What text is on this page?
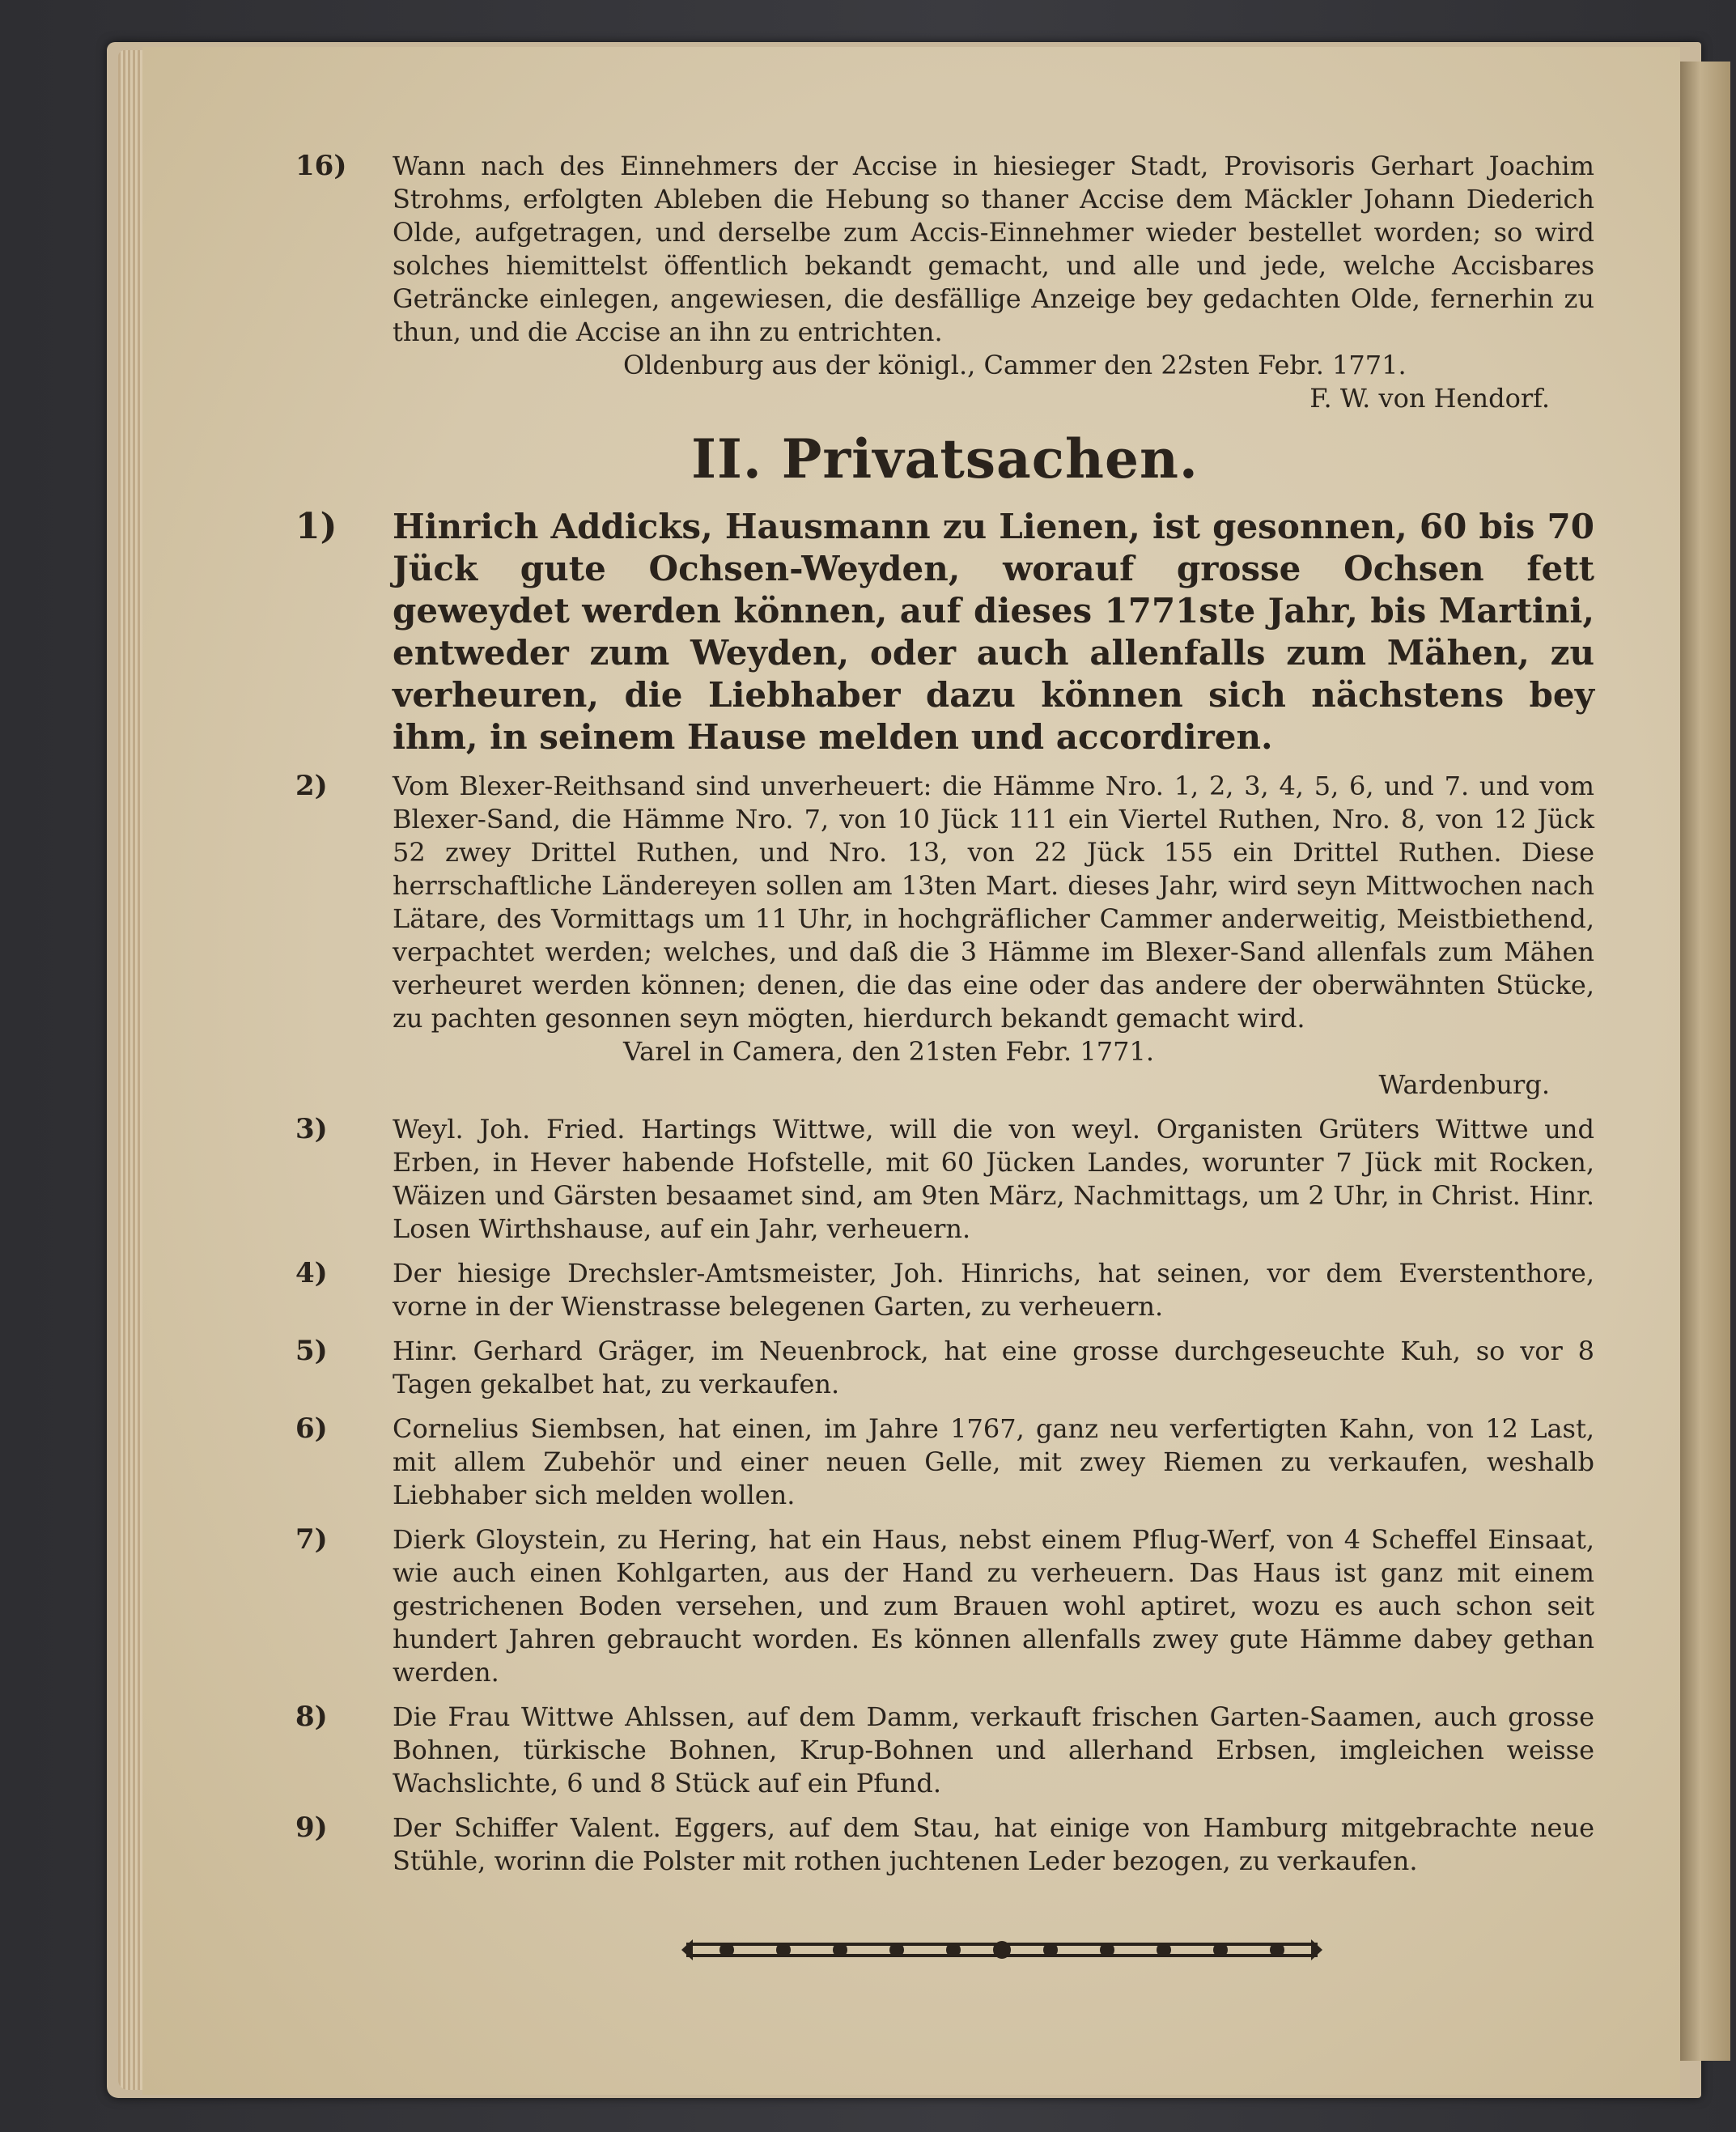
16)	Wann nach des Einnehmers der Accise in hiesieger Stadt, Provisoris Gerhart Joachim Strohms, erfolgten Ableben die Hebung so thaner Accise dem Mäckler Johann Diederich Olde, aufgetragen, und derselbe zum Accis-Einnehmer wieder bestellet worden; so wird solches hiemittelst öffentlich bekandt gemacht, und alle und jede, welche Accisbares Geträncke einlegen, angewiesen, die desfällige Anzeige bey gedachten Olde, fernerhin zu thun, und die Accise an ihn zu entrichten.
Oldenburg aus der königl., Cammer den 22sten Febr. 1771.
F. W. von Hendorf.
II. Privatsachen.
1)	Hinrich Addicks, Hausmann zu Lienen, ist gesonnen, 60 bis 70 Jück gute Ochsen-Weyden, worauf grosse Ochsen fett geweydet werden können, auf dieses 1771ste Jahr, bis Martini, entweder zum Weyden, oder auch allenfalls zum Mähen, zu verheuren, die Liebhaber dazu können sich nächstens bey ihm, in seinem Hause melden und accordiren.
2)	Vom Blexer-Reithsand sind unverheuert: die Hämme Nro. 1, 2, 3, 4, 5, 6, und 7. und vom Blexer-Sand, die Hämme Nro. 7, von 10 Jück 111 ein Viertel Ruthen, Nro. 8, von 12 Jück 52 zwey Drittel Ruthen, und Nro. 13, von 22 Jück 155 ein Drittel Ruthen. Diese herrschaftliche Ländereyen sollen am 13ten Mart. dieses Jahr, wird seyn Mittwochen nach Lätare, des Vormittags um 11 Uhr, in hochgräflicher Cammer anderweitig, Meistbiethend, verpachtet werden; welches, und daß die 3 Hämme im Blexer-Sand allenfals zum Mähen verheuret werden können; denen, die das eine oder das andere der oberwähnten Stücke, zu pachten gesonnen seyn mögten, hierdurch bekandt gemacht wird.
Varel in Camera, den 21sten Febr. 1771.
Wardenburg.
3)	Weyl. Joh. Fried. Hartings Wittwe, will die von weyl. Organisten Grüters Wittwe und Erben, in Hever habende Hofstelle, mit 60 Jücken Landes, worunter 7 Jück mit Rocken, Wäizen und Gärsten besaamet sind, am 9ten März, Nachmittags, um 2 Uhr, in Christ. Hinr. Losen Wirthshause, auf ein Jahr, verheuern.
4)	Der hiesige Drechsler-Amtsmeister, Joh. Hinrichs, hat seinen, vor dem Everstenthore, vorne in der Wienstrasse belegenen Garten, zu verheuern.
5)	Hinr. Gerhard Gräger, im Neuenbrock, hat eine grosse durchgeseuchte Kuh, so vor 8 Tagen gekalbet hat, zu verkaufen.
6)	Cornelius Siembsen, hat einen, im Jahre 1767, ganz neu verfertigten Kahn, von 12 Last, mit allem Zubehör und einer neuen Gelle, mit zwey Riemen zu verkaufen, weshalb Liebhaber sich melden wollen.
7)	Dierk Gloystein, zu Hering, hat ein Haus, nebst einem Pflug-Werf, von 4 Scheffel Einsaat, wie auch einen Kohlgarten, aus der Hand zu verheuern. Das Haus ist ganz mit einem gestrichenen Boden versehen, und zum Brauen wohl aptiret, wozu es auch schon seit hundert Jahren gebraucht worden. Es können allenfalls zwey gute Hämme dabey gethan werden.
8)	Die Frau Wittwe Ahlssen, auf dem Damm, verkauft frischen Garten-Saamen, auch grosse Bohnen, türkische Bohnen, Krup-Bohnen und allerhand Erbsen, imgleichen weisse Wachslichte, 6 und 8 Stück auf ein Pfund.
9)	Der Schiffer Valent. Eggers, auf dem Stau, hat einige von Hamburg mitgebrachte neue Stühle, worinn die Polster mit rothen juchtenen Leder bezogen, zu verkaufen.
